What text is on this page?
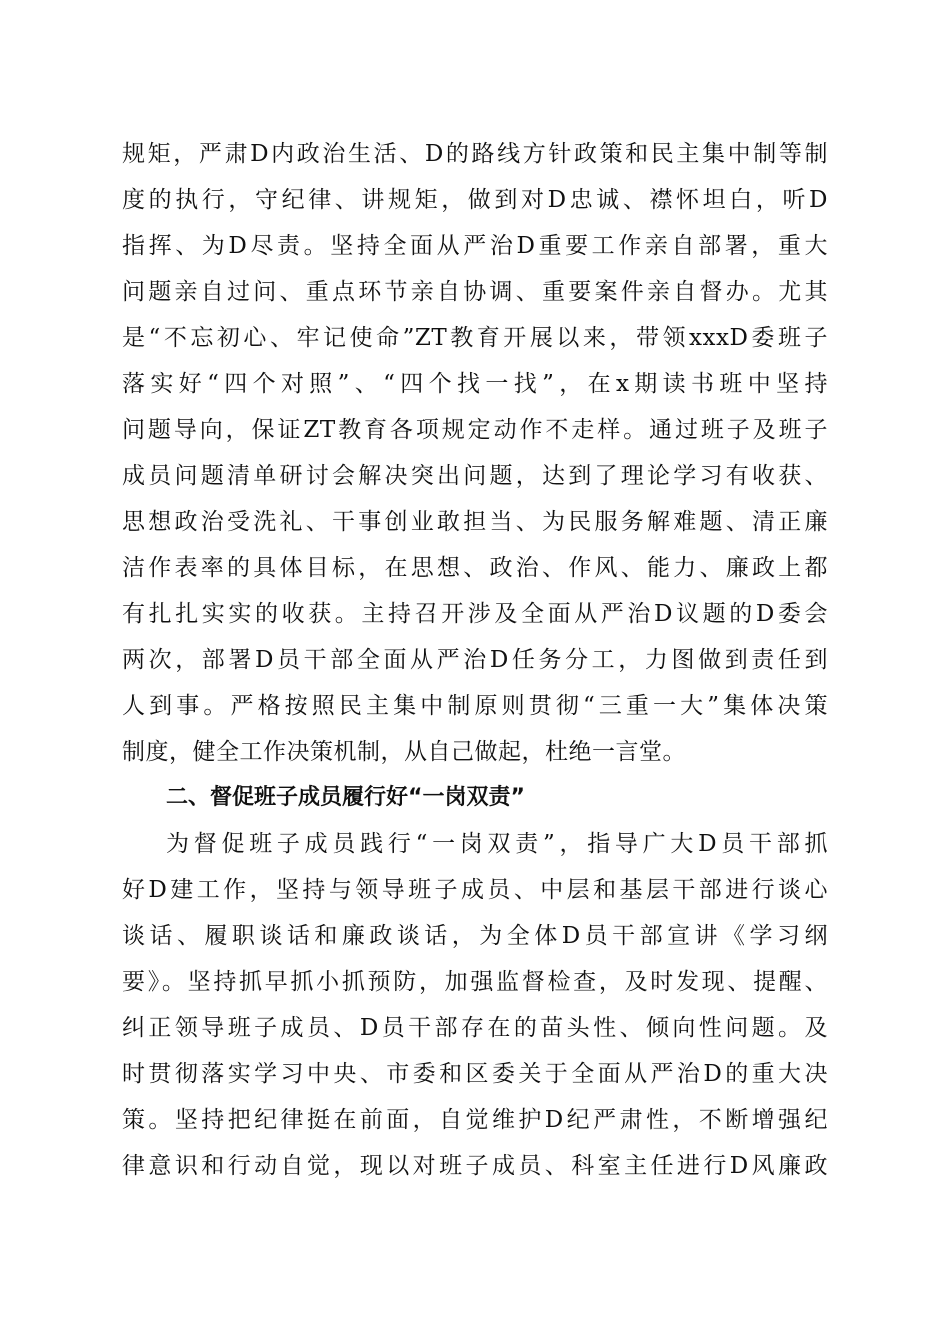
规矩，严肃D内政治生活、D的路线方针政策和民主集中制等制
度的执行，守纪律、讲规矩，做到对D忠诚、襟怀坦白，听D
指挥、为D尽责。坚持全面从严治D重要工作亲自部署，重大
问题亲自过问、重点环节亲自协调、重要案件亲自督办。尤其
是“不忘初心、牢记使命”ZT教育开展以来，带领xxxD委班子
落实好“四个对照”、“四个找一找”，在x期读书班中坚持
问题导向，保证ZT教育各项规定动作不走样。通过班子及班子
成员问题清单研讨会解决突出问题，达到了理论学习有收获、
思想政治受洗礼、干事创业敢担当、为民服务解难题、清正廉
洁作表率的具体目标，在思想、政治、作风、能力、廉政上都
有扎扎实实的收获。主持召开涉及全面从严治D议题的D委会
两次，部署D员干部全面从严治D任务分工，力图做到责任到
人到事。严格按照民主集中制原则贯彻“三重一大”集体决策
制度，健全工作决策机制，从自己做起，杜绝一言堂。
二、督促班子成员履行好“一岗双责”
为督促班子成员践行“一岗双责”，指导广大D员干部抓
好D建工作，坚持与领导班子成员、中层和基层干部进行谈心
谈话、履职谈话和廉政谈话，为全体D员干部宣讲《学习纲
要》。坚持抓早抓小抓预防，加强监督检查，及时发现、提醒、
纠正领导班子成员、D员干部存在的苗头性、倾向性问题。及
时贯彻落实学习中央、市委和区委关于全面从严治D的重大决
策。坚持把纪律挺在前面，自觉维护D纪严肃性，不断增强纪
律意识和行动自觉，现以对班子成员、科室主任进行D风廉政
